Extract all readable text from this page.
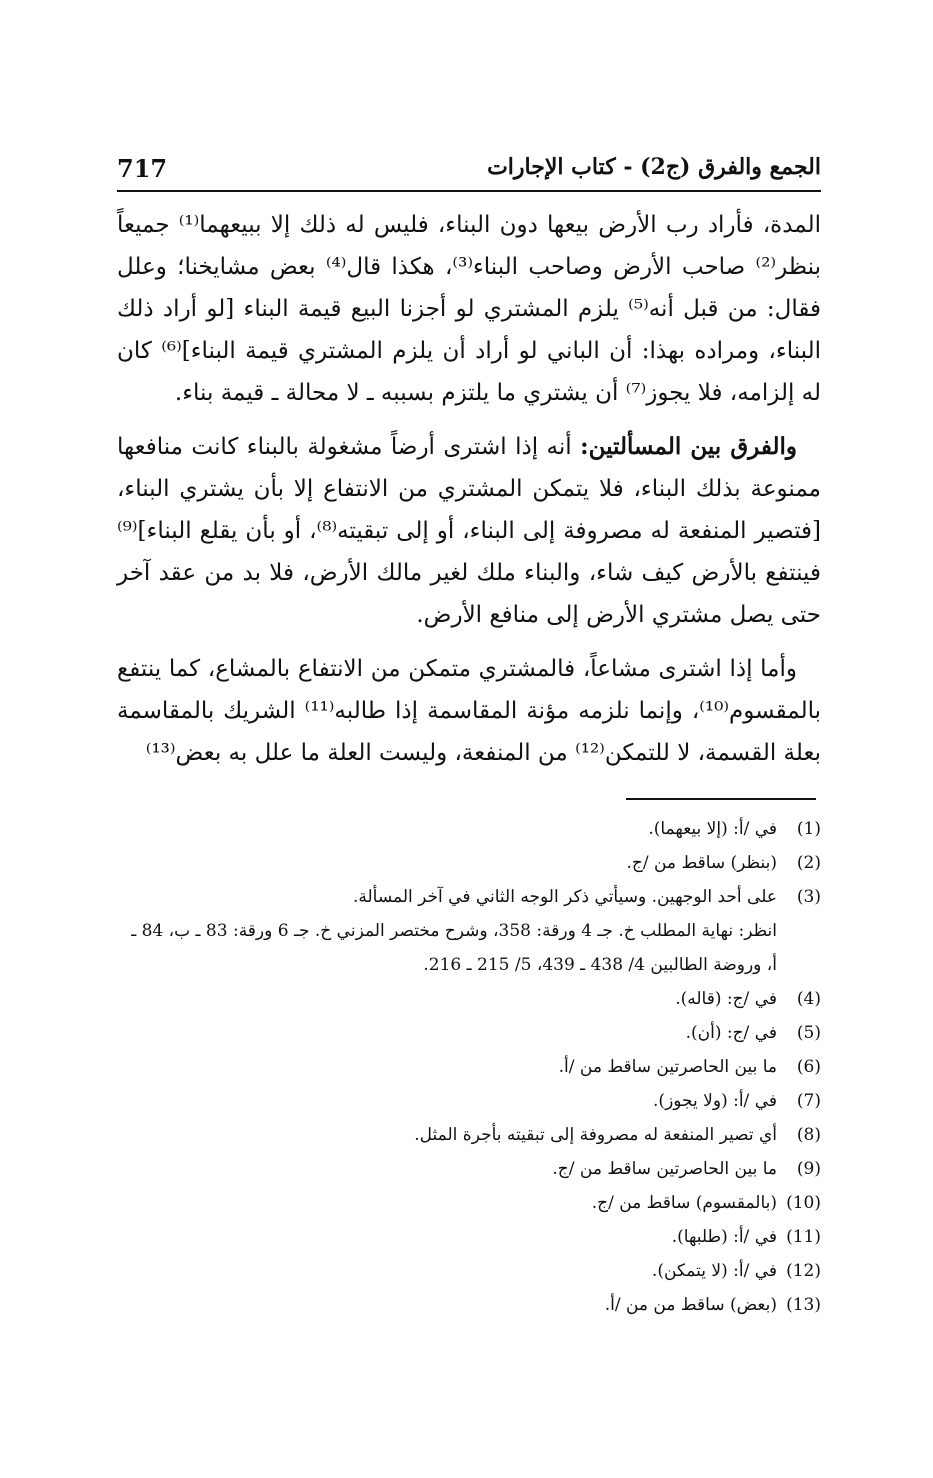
717	الجمع والفرق (ج2) - كتاب الإجارات

المدة، فأراد رب الأرض بيعها دون البناء، فليس له ذلك إلا ببيعهما⁽¹⁾ جميعاً بنظر⁽²⁾ صاحب الأرض وصاحب البناء⁽³⁾، هكذا قال⁽⁴⁾ بعض مشايخنا؛ وعلل فقال: من قبل أنه⁽⁵⁾ يلزم المشتري لو أجزنا البيع قيمة البناء [لو أراد ذلك البناء، ومراده بهذا: أن الباني لو أراد أن يلزم المشتري قيمة البناء]⁽⁶⁾ كان له إلزامه، فلا يجوز⁽⁷⁾ أن يشتري ما يلتزم بسببه ـ لا محالة ـ قيمة بناء.

والفرق بين المسألتين: أنه إذا اشترى أرضاً مشغولة بالبناء كانت منافعها ممنوعة بذلك البناء، فلا يتمكن المشتري من الانتفاع إلا بأن يشتري البناء، [فتصير المنفعة له مصروفة إلى البناء، أو إلى تبقيته⁽⁸⁾، أو بأن يقلع البناء]⁽⁹⁾ فينتفع بالأرض كيف شاء، والبناء ملك لغير مالك الأرض، فلا بد من عقد آخر حتى يصل مشتري الأرض إلى منافع الأرض.

وأما إذا اشترى مشاعاً، فالمشتري متمكن من الانتفاع بالمشاع، كما ينتفع بالمقسوم⁽¹⁰⁾، وإنما نلزمه مؤنة المقاسمة إذا طالبه⁽¹¹⁾ الشريك بالمقاسمة بعلة القسمة، لا للتمكن⁽¹²⁾ من المنفعة، وليست العلة ما علل به بعض⁽¹³⁾

(1)
في /أ: (إلا بيعهما).
(2)
(بنظر) ساقط من /ج.
(3)
على أحد الوجهين. وسيأتي ذكر الوجه الثاني في آخر المسألة.
انظر: نهاية المطلب خ. جـ 4 ورقة: 358، وشرح مختصر المزني خ. جـ 6 ورقة: 83 ـ ب، 84 ـ أ، وروضة الطالبين 4/ 438 ـ 439، 5/ 215 ـ 216.
(4)
في /ج: (قاله).
(5)
في /ج: (أن).
(6)
ما بين الحاصرتين ساقط من /أ.
(7)
في /أ: (ولا يجوز).
(8)
أي تصير المنفعة له مصروفة إلى تبقيته بأجرة المثل.
(9)
ما بين الحاصرتين ساقط من /ج.
(10)
(بالمقسوم) ساقط من /ج.
(11)
في /أ: (طلبها).
(12)
في /أ: (لا يتمكن).
(13)
(بعض) ساقط من من /أ.
